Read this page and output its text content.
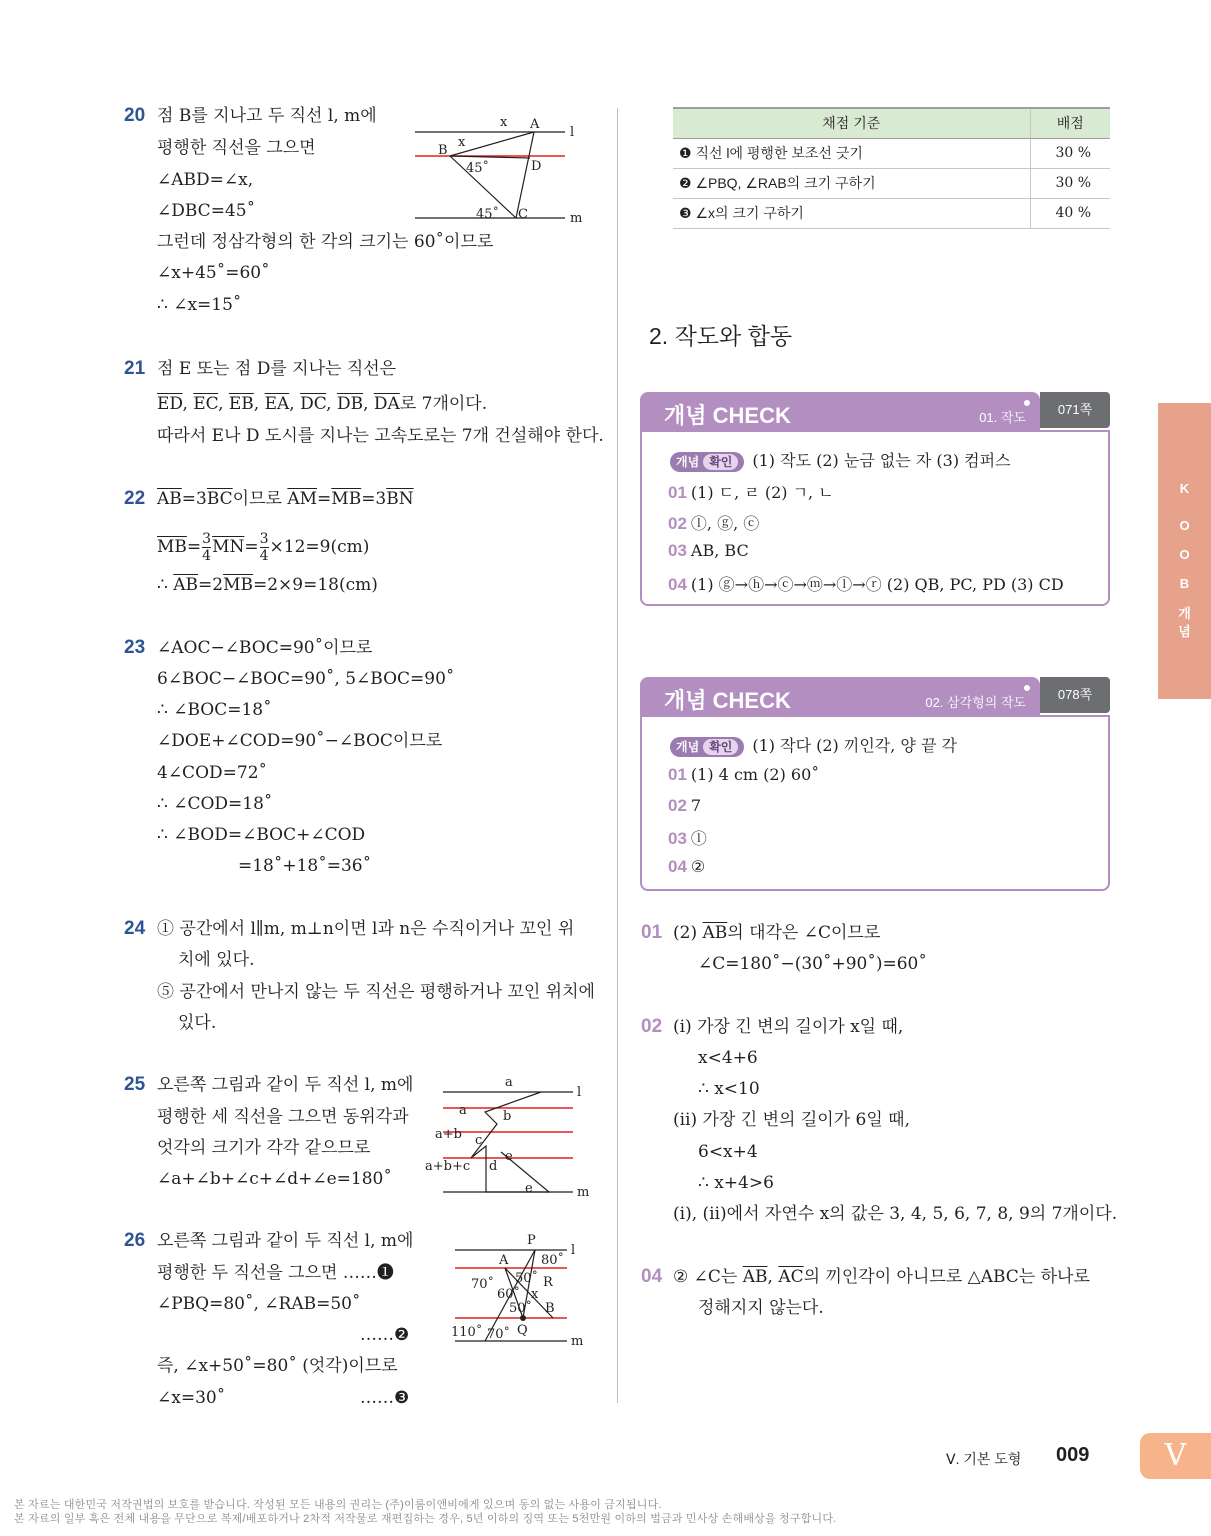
20 점 B를 지나고 두 직선 l, m에
평행한 직선을 그으면
∠ABD=∠x,
∠DBC=45˚
그런데 정삼각형의 한 각의 크기는 60˚이므로
∠x+45˚=60˚
∴ ∠x=15˚
x A
l
B
x
45˚	D
45˚ C	m
21 점 E 또는 점 D를 지나는 직선은
$\overline{ED}$, $\overline{EC}$, $\overline{EB}$, $\overline{EA}$, $\overline{DC}$, $\overline{DB}$, $\overline{DA}$로 7개이다.
따라서 E나 D 도시를 지나는 고속도로는 7개 건설해야 한다.
22 $\overline{AB}=3\overline{BC}$이므로 $\overline{AM}=\overline{MB}=3\overline{BN}$
$\overline{MB}= \frac{3}{4} \overline{MN}= \frac{3}{4} \times 12=9(cm)$
∴ $\overline{AB}=2\overline{MB}=2\times 9=18(cm)$
23 ∠AOC−∠BOC=90˚이므로
6∠BOC−∠BOC=90˚, 5∠BOC=90˚
∴ ∠BOC=18˚
∠DOE+∠COD=90˚−∠BOC이므로
4∠COD=72˚
∴ ∠COD=18˚
∴ ∠BOD=∠BOC+∠COD
=18˚+18˚=36˚
24 ① 공간에서 l∥m, m⊥n이면 l과 n은 수직이거나 꼬인 위
치에 있다.
⑤ 공간에서 만나지 않는 두 직선은 평행하거나 꼬인 위치에
있다.
25 오른쪽 그림과 같이 두 직선 l, m에
평행한 세 직선을 그으면 동위각과
엇각의 크기가 각각 같으므로
∠a+∠b+∠c+∠d+∠e=180˚
a
l
a	b
a+b c
e
a+b+c d
e	m
26 오른쪽 그림과 같이 두 직선 l, m에
평행한 두 직선을 그으면 ……❶
∠PBQ=80˚, ∠RAB=50˚
……❷
즉, ∠x+50˚=80˚ (엇각)이므로
∠x=30˚	……❸
P
l
A	80˚
70˚ 50˚ R
60˚ x
50˚ B
Q
110˚ 70˚	m
채점 기준	배점
❶ 직선 l에 평행한 보조선 긋기	30 %
❷ ∠PBQ, ∠RAB의 크기 구하기	30 %
❸ ∠x의 크기 구하기	40 %
2. 작도와 합동
개념 CHECK	01. 작도
071쪽
개념 확인 (1) 작도 (2) 눈금 없는 자 (3) 컴퍼스
01 (1) ㄷ, ㄹ (2) ㄱ, ㄴ
02 ⓛ, ⓖ, ⓒ
03 AB, BC
04 (1) ⓖ→ⓗ→ⓒ→ⓜ→ⓛ→ⓡ (2) QB, PC, PD (3) CD
개념 CHECK	02. 삼각형의 작도
078쪽
개념 확인 (1) 작다 (2) 끼인각, 양 끝 각
01 (1) 4 cm (2) 60˚
02 7
03 ⓛ
04 ②
01 (2) $\overline{AB}$의 대각은 ∠C이므로
∠C=180˚−(30˚+90˚)=60˚
02 (ⅰ) 가장 긴 변의 길이가 x일 때,
x<4+6
∴ x<10
(ⅱ) 가장 긴 변의 길이가 6일 때,
6<x+4
∴ x+4>6
(ⅰ), (ⅱ)에서 자연수 x의 값은 3, 4, 5, 6, 7, 8, 9의 7개이다.
04 ② ∠C는 $\overline{AB}$, $\overline{AC}$의 끼인각이 아니므로 △ABC는 하나로
정해지지 않는다.
K
O
O
B
개
념
Ⅴ. 기본 도형 009	Ⅴ
본 자료는 대한민국 저작권법의 보호를 받습니다. 작성된 모든 내용의 권리는 (주)이룸이앤비에게 있으며 동의 없는 사용이 금지됩니다.
본 자료의 일부 혹은 전체 내용을 무단으로 복제/배포하거나 2차적 저작물로 재편집하는 경우, 5년 이하의 징역 또는 5천만원 이하의 벌금과 민사상 손해배상을 청구합니다.
